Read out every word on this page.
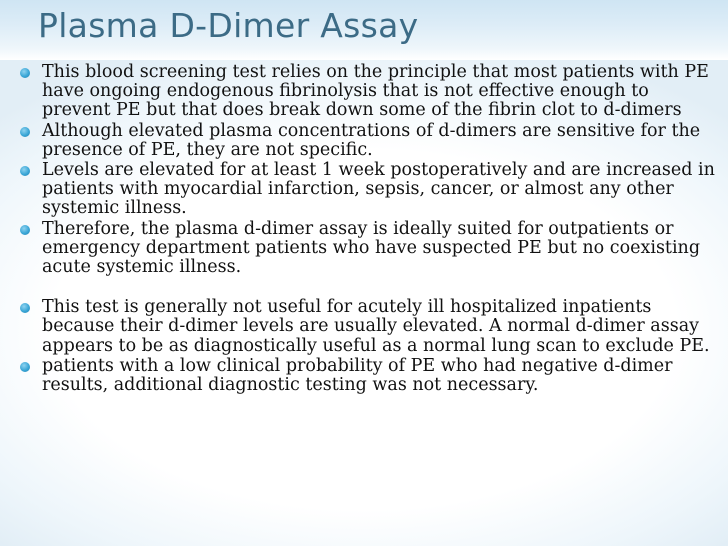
Plasma D-Dimer Assay
This blood screening test relies on the principle that most patients with PE have ongoing endogenous fibrinolysis that is not effective enough to prevent PE but that does break down some of the fibrin clot to d-dimers
Although elevated plasma concentrations of d-dimers are sensitive for the presence of PE, they are not specific.
Levels are elevated for at least 1 week postoperatively and are increased in patients with myocardial infarction, sepsis, cancer, or almost any other systemic illness.
Therefore, the plasma d-dimer assay is ideally suited for outpatients or emergency department patients who have suspected PE but no coexisting acute systemic illness.
This test is generally not useful for acutely ill hospitalized inpatients because their d-dimer levels are usually elevated. A normal d-dimer assay appears to be as diagnostically useful as a normal lung scan to exclude PE.
patients with a low clinical probability of PE who had negative d-dimer results, additional diagnostic testing was not necessary.
